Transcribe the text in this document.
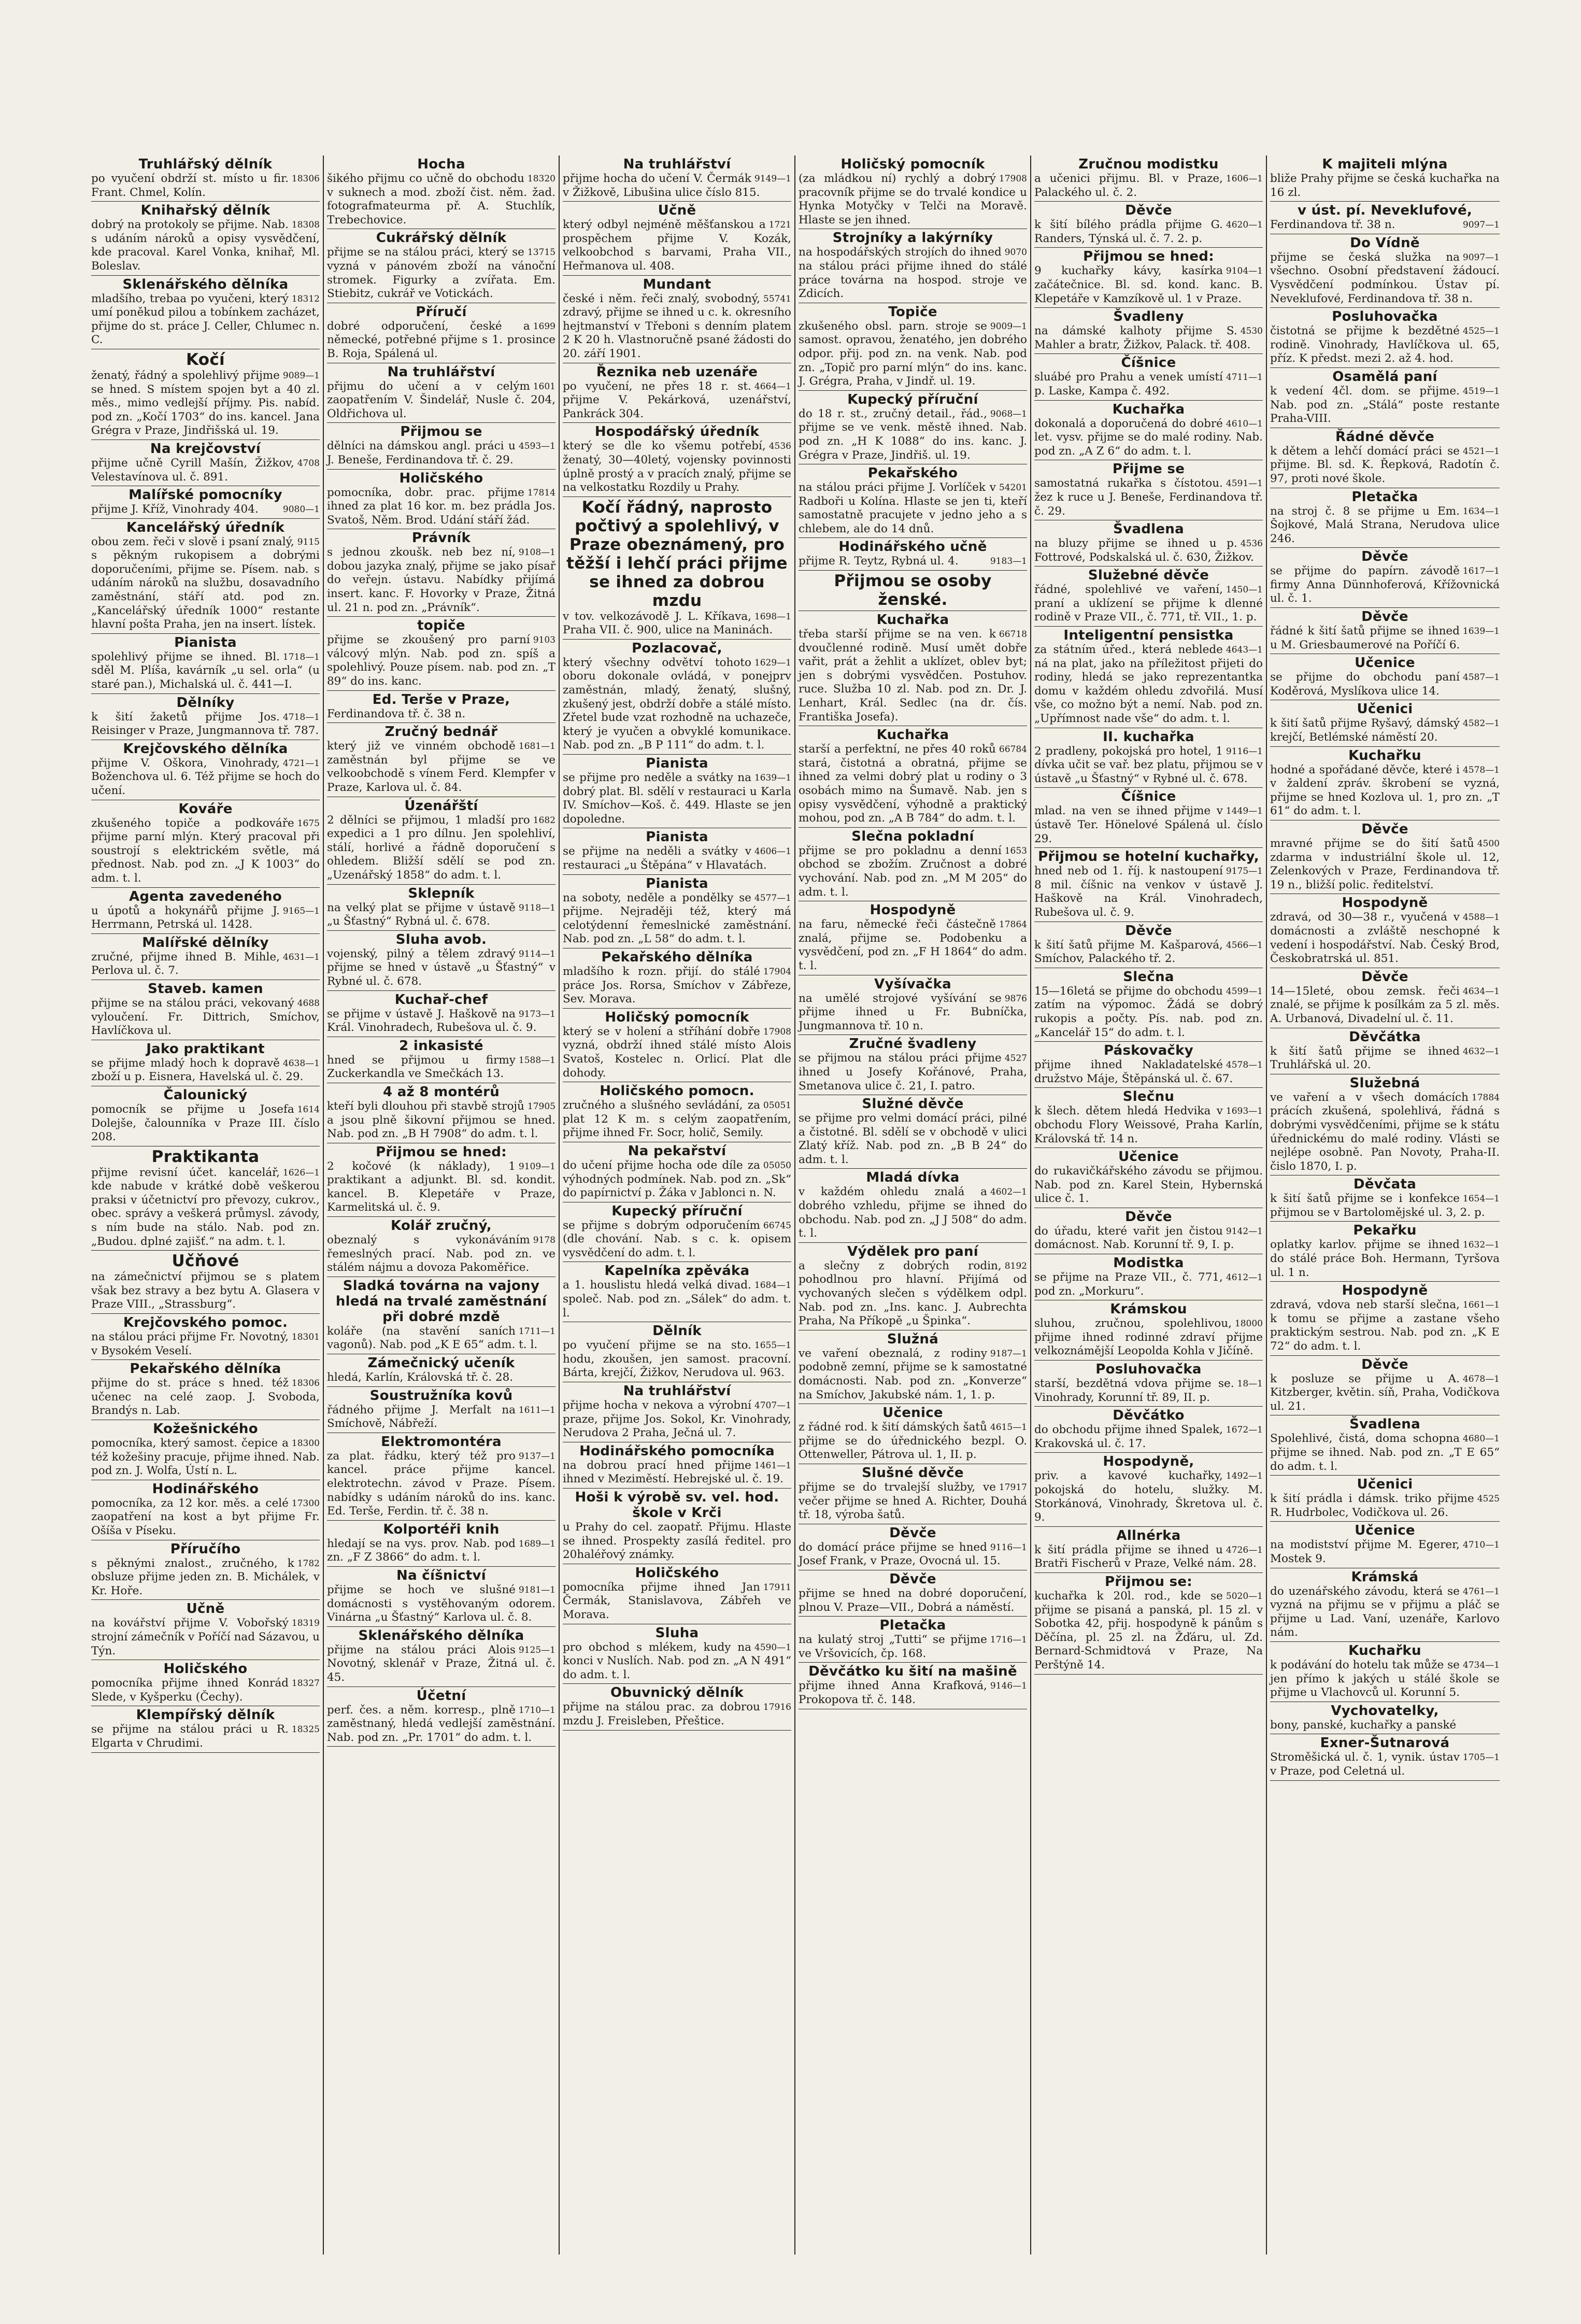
Truhlářský dělník
18306
po vyučení obdrží st. místo u fir. Frant. Chmel, Kolín.
Knihařský dělník
18308
dobrý na protokoly se přijme. Nab. s udáním nároků a opisy vysvědčení, kde pracoval. Karel Vonka, knihař, Ml. Boleslav.
Sklenářského dělníka
18312
mladšího, trebaa po vyučeni, který umí poněkud pilou a tobínkem zacházet, přijme do st. práce J. Celler, Chlumec n. C.
Kočí
9089—1
ženatý, řádný a spolehlivý přijme se hned. S místem spojen byt a 40 zl. měs., mimo vedlejší příjmy. Pis. nabíd. pod zn. „Kočí 1703“ do ins. kancel. Jana Grégra v Praze, Jindřišská ul. 19.
Na krejčovství
4708
přijme učně Cyrill Mašín, Žižkov, Velestavínova ul. č. 891.
Malířské pomocníky
9080—1
přijme J. Kříž, Vinohrady 404.
Kancelářský úředník
9115
obou zem. řeči v slově i psaní znalý, s pěkným rukopisem a dobrými doporučeními, přijme se. Písem. nab. s udáním nároků na službu, dosavadního zaměstnání, stáří atd. pod zn. „Kancelářský úředník 1000“ restante hlavní pošta Praha, jen na insert. lístek.
Pianista
1718—1
spolehlivý přijme se ihned. Bl. sděl M. Plíša, kavárník „u sel. orla“ (u staré pan.), Michalská ul. č. 441—I.
Dělníky
4718—1
k šití žaketů přijme Jos. Reisinger v Praze, Jungmannova tř. 787.
Krejčovského dělníka
4721—1
přijme V. Oškora, Vinohrady, Boženchova ul. 6. Též přijme se hoch do učení.
Kováře
1675
zkušeného topiče a podkováře přijme parní mlýn. Který pracoval při soustrojí s elektrickém světle, má přednost. Nab. pod zn. „J K 1003“ do adm. t. l.
Agenta zavedeného
9165—1
u úpotů a hokynářů přijme J. Herrmann, Petrská ul. 1428.
Malířské dělníky
4631—1
zručné, přijme ihned B. Mihle, Perlova ul. č. 7.
Staveb. kamen
4688
přijme se na stálou práci, vekovaný vyloučení. Fr. Dittrich, Smíchov, Havlíčkova ul.
Jako praktikant
4638—1
se přijme mladý hoch k dopravě zboží u p. Eisnera, Havelská ul. č. 29.
Čalounický
1614
pomocník se přijme u Josefa Dolejše, čalounníka v Praze III. číslo 208.
Praktikanta
1626—1
přijme revisní účet. kancelář, kde nabude v krátké době veškerou praksi v účetnictví pro převozy, cukrov., obec. správy a veškerá průmysl. závody, s ním bude na stálo. Nab. pod zn. „Budou. dplné zajišť.“ na adm. t. l.
Učňové
na zámečnictví přijmou se s platem však bez stravy a bez bytu A. Glasera v Praze VIII., „Strassburg“.
Krejčovského pomoc.
18301
na stálou práci přijme Fr. Novotný, v Bysokém Veselí.
Pekařského dělníka
18306
přijme do st. práce s hned. též učenec na celé zaop. J. Svoboda, Brandýs n. Lab.
Kožešnického
18300
pomocníka, který samost. čepice a též kožešiny pracuje, přijme ihned. Nab. pod zn. J. Wolfa, Ústí n. L.
Hodinářského
17300
pomocníka, za 12 kor. měs. a celé zaopatření na kost a byt přijme Fr. Ošíša v Píseku.
Příručího
1782
s pěknými znalost., zručného, k obsluze přijme jeden zn. B. Michálek, v Kr. Hoře.
Učně
18319
na kovářství přijme V. Vobořský strojní zámečník v Poříčí nad Sázavou, u Týn.
Holičského
18327
pomocníka přijme ihned Konrád Slede, v Kyšperku (Čechy).
Klempířský dělník
18325
se přijme na stálou práci u R. Elgarta v Chrudimi.
Hocha
18320
šikého přijmu co učně do obchodu v suknech a mod. zboží čist. něm. žad. fotografmateurma př. A. Stuchlík, Trebechovice.
Cukrářský dělník
13715
přijme se na stálou práci, který se vyzná v pánovém zboží na vánoční stromek. Figurky a zvířata. Em. Stiebitz, cukrář ve Votickách.
Příručí
1699
dobré odporučení, české a německé, potřebné přijme s 1. prosince B. Roja, Spálená ul.
Na truhlářství
1601
přijmu do učení a v celým zaopatřením V. Šindelář, Nusle č. 204, Oldřichova ul.
Přijmou se
4593—1
dělníci na dámskou angl. práci u J. Beneše, Ferdinandova tř. č. 29.
Holičského
17814
pomocníka, dobr. prac. přijme ihned za plat 16 kor. m. bez prádla Jos. Svatoš, Něm. Brod. Udání stáří žád.
Právník
9108—1
s jednou zkoušk. neb bez ní, dobou jazyka znalý, přijme se jako písař do veřejn. ústavu. Nabídky přijímá insert. kanc. F. Hovorky v Praze, Žitná ul. 21 n. pod zn. „Právník“.
topiče
9103
přijme se zkoušený pro parní válcový mlýn. Nab. pod zn. spíš a spolehlivý. Pouze písem. nab. pod zn. „T 89“ do ins. kanc.
Ed. Terše v Praze,
Ferdinandova tř. č. 38 n.
Zručný bednář
1681—1
který již ve vinném obchodě zaměstnán byl přijme se ve velkoobchodě s vínem Ferd. Klempfer v Praze, Karlova ul. č. 84.
Úzenářští
1682
2 dělníci se přijmou, 1 mladší pro expedici a 1 pro dílnu. Jen spolehliví, stálí, horlivé a řádně doporučení s ohledem. Bližší sdělí se pod zn. „Uzenářský 1858“ do adm. t. l.
Sklepník
9118—1
na velký plat se přijme v ústavě „u Šťastný“ Rybná ul. č. 678.
Sluha avob.
9114—1
vojenský, pilný a tělem zdravý přijme se hned v ústavě „u Šťastný“ v Rybné ul. č. 678.
Kuchař-chef
9173—1
se přijme v ústavě J. Haškově na Král. Vinohradech, Rubešova ul. č. 9.
2 inkasisté
1588—1
hned se přijmou u firmy Zuckerkandla ve Smečkách 13.
4 až 8 montérů
17905
kteří byli dlouhou při stavbě strojů a jsou plně šikovní přijmou se hned. Nab. pod zn. „B H 7908“ do adm. t. l.
Přijmou se hned:
9109—1
2 kočové (k náklady), 1 praktikant a adjunkt. Bl. sd. kondit. kancel. B. Klepetáře v Praze, Karmelitská ul. č. 9.
Kolář zručný,
9178
obeznalý s vykonáváním řemeslných prací. Nab. pod zn. ve stálém nájmu a dovoza Pakoměřice.
Sladká továrna na vajony hledá na trvalé zaměstnání při dobré mzdě
1711—1
koláře (na stavění saních vagonů). Nab. pod „K E 65“ adm. t. l.
Zámečnický učeník
hledá, Karlín, Královská tř. č. 28.
Soustružníka kovů
1611—1
řádného přijme J. Merfalt na Smíchově, Nábřeží.
Elektromontéra
9137—1
za plat. řádku, který též pro kancel. práce přijme kancel. elektrotechn. závod v Praze. Písem. nabídky s udáním nároků do ins. kanc. Ed. Terše, Ferdin. tř. č. 38 n.
Kolportéři knih
1689—1
hledají se na vys. prov. Nab. pod zn. „F Z 3866“ do adm. t. l.
Na číšnictví
9181—1
přijme se hoch ve slušné domácnosti s vystěhovaným odorem. Vinárna „u Šťastný“ Karlova ul. č. 8.
Sklenářského dělníka
9125—1
přijme na stálou práci Alois Novotný, sklenář v Praze, Žitná ul. č. 45.
Účetní
1710—1
perf. čes. a něm. korresp., plně zaměstnaný, hledá vedlejší zaměstnání. Nab. pod zn. „Pr. 1701“ do adm. t. l.
Na truhlářství
9149—1
přijme hocha do učení V. Čermák v Žižkově, Libušina ulice číslo 815.
Učně
1721
který odbyl nejméně měšťanskou a prospěchem přijme V. Kozák, velkoobchod s barvami, Praha VII., Heřmanova ul. 408.
Mundant
55741
české i něm. řeči znalý, svobodný, zdravý, přijme se ihned u c. k. okresního hejtmanství v Třeboni s denním platem 2 K 20 h. Vlastnoručně psané žádosti do 20. září 1901.
Řeznika neb uzenáře
4664—1
po vyučení, ne přes 18 r. st. přijme V. Pekárková, uzenářství, Pankráck 304.
Hospodářský úředník
4536
který se dle ko všemu potřebí, ženatý, 30—40letý, vojensky povinnosti úplně prostý a v pracích znalý, přijme se na velkostatku Rozdily u Prahy.
Kočí řádný, naprosto počtivý a spolehlivý, v Praze obeznámený, pro těžší i lehčí práci přijme se ihned za dobrou mzdu
1698—1
v tov. velkozávodě J. L. Kříkava, Praha VII. č. 900, ulice na Maninách.
Pozlacovač,
1629—1
který všechny odvětví tohoto oboru dokonale ovládá, v ponejprv zaměstnán, mladý, ženatý, slušný, zkušený jest, obdrží dobře a stálé místo. Zřetel bude vzat rozhodně na uchazeče, který je vyučen a obvyklé komunikace. Nab. pod zn. „B P 111“ do adm. t. l.
Pianista
1639—1
se přijme pro neděle a svátky na dobrý plat. Bl. sdělí v restauraci u Karla IV. Smíchov—Koš. č. 449. Hlaste se jen dopoledne.
Pianista
4606—1
se přijme na neděli a svátky v restauraci „u Štěpána“ v Hlavatách.
Pianista
4577—1
na soboty, neděle a pondělky se přijme. Nejraději též, který má celotýdenní řemeslnické zaměstnání. Nab. pod zn. „L 58“ do adm. t. l.
Pekařského dělníka
17904
mladšího k rozn. přijí. do stálé práce Jos. Rorsa, Smíchov v Zábřeze, Sev. Morava.
Holičský pomocník
17908
který se v holení a stříhání dobře vyzná, obdrží ihned stálé místo Alois Svatoš, Kostelec n. Orlicí. Plat dle dohody.
Holičského pomocn.
05051
zručného a slušného sevládání, za plat 12 K m. s celým zaopatřením, přijme ihned Fr. Socr, holič, Semily.
Na pekařství
05050
do učení přijme hocha ode díle za výhodných podmínek. Nab. pod zn. „Sk“ do papírnictví p. Žáka v Jablonci n. N.
Kupecký příruční
66745
se přijme s dobrým odporučením (dle chování. Nab. s c. k. opisem vysvědčení do adm. t. l.
Kapelníka zpěváka
1684—1
a 1. houslistu hledá velká divad. společ. Nab. pod zn. „Sálek“ do adm. t. l.
Dělník
1655—1
po vyučení přijme se na sto. hodu, zkoušen, jen samost. pracovní. Bárta, krejčí, Žižkov, Nerudova ul. 963.
Na truhlářství
4707—1
přijme hocha v nekova a výrobní praze, přijme Jos. Sokol, Kr. Vinohrady, Nerudova 2 Praha, Ječná ul. 7.
Hodinářského pomocníka
1461—1
na dobrou prací hned přijme ihned v Meziměstí. Hebrejské ul. č. 19.
Hoši k výrobě sv. vel. hod. škole v Krči
u Prahy do cel. zaopatř. Přijmu. Hlaste se ihned. Prospekty zasílá ředitel. pro 20haléřový známky.
Holičského
17911
pomocníka přijme ihned Jan Čermák, Stanislavova, Zábřeh ve Morava.
Sluha
4590—1
pro obchod s mlékem, kudy na konci v Nuslích. Nab. pod zn. „A N 491“ do adm. t. l.
Obuvnický dělník
17916
přijme na stálou prac. za dobrou mzdu J. Freisleben, Přeštice.
Holičský pomocník
17908
(za mládkou ní) rychlý a dobrý pracovník přijme se do trvalé kondice u Hynka Motyčky v Telči na Moravě. Hlaste se jen ihned.
Strojníky a lakýrníky
9070
na hospodářských strojích do ihned na stálou práci přijme ihned do stálé práce továrna na hospod. stroje ve Zdicích.
Topiče
9009—1
zkušeného obsl. parn. stroje se samost. opravou, ženatého, jen dobrého odpor. přij. pod zn. na venk. Nab. pod zn. „Topič pro parní mlýn“ do ins. kanc. J. Grégra, Praha, v Jindř. ul. 19.
Kupecký příruční
9068—1
do 18 r. st., zručný detail., řád., přijme se ve venk. městě ihned. Nab. pod zn. „H K 1088“ do ins. kanc. J. Grégra v Praze, Jindřiš. ul. 19.
Pekařského
54201
na stálou práci přijme J. Vorlíček v Radboři u Kolína. Hlaste se jen ti, kteří samostatně pracujete v jedno jeho a s chlebem, ale do 14 dnů.
Hodinářského učně
9183—1
přijme R. Teytz, Rybná ul. 4.
Přijmou se osoby ženské.
Kuchařka
66718
třeba starší přijme se na ven. k dvoučlenné rodině. Musí umět dobře vařit, prát a žehlit a uklízet, oblev byt; jen s dobrými vysvědčen. Postuhov. ruce. Služba 10 zl. Nab. pod zn. Dr. J. Lenhart, Král. Sedlec (na dr. čís. Františka Josefa).
Kuchařka
66784
starší a perfektní, ne přes 40 roků stará, čistotná a obratná, přijme se ihned za velmi dobrý plat u rodiny o 3 osobách mimo na Šumavě. Nab. jen s opisy vysvědčení, výhodně a praktický mohou, pod zn. „A B 784“ do adm. t. l.
Slečna pokladní
1653
přijme se pro pokladnu a denní obchod se zbožím. Zručnost a dobré vychování. Nab. pod zn. „M M 205“ do adm. t. l.
Hospodyně
17864
na faru, německé řeči částečně znalá, přijme se. Podobenku a vysvědčení, pod zn. „F H 1864“ do adm. t. l.
Vyšívačka
9876
na umělé strojové vyšívání se přijme ihned u Fr. Bubníčka, Jungmannova tř. 10 n.
Zručné švadleny
4527
se přijmou na stálou práci přijme ihned u Josefy Kořánové, Praha, Smetanova ulice č. 21, I. patro.
Služné děvče
se přijme pro velmi domácí práci, pilné a čistotné. Bl. sdělí se v obchodě v ulici Zlatý kříž. Nab. pod zn. „B B 24“ do adm. t. l.
Mladá dívka
4602—1
v každém ohledu znalá a dobrého vzhledu, přijme se ihned do obchodu. Nab. pod zn. „J J 508“ do adm. t. l.
Výdělek pro paní
8192
a slečny z dobrých rodin, pohodlnou pro hlavní. Přijímá od vychovaných slečen s výdělkem odpl. Nab. pod zn. „Ins. kanc. J. Aubrechta Praha, Na Příkopě „u Špinka“.
Služná
9187—1
ve vaření obeznalá, z rodiny podobně zemní, přijme se k samostatné domácnosti. Nab. pod zn. „Konverze“ na Smíchov, Jakubské nám. 1, 1. p.
Učenice
4615—1
z řádné rod. k šití dámských šatů přijme se do úřednického bezpl. O. Ottenweller, Pátrova ul. 1, II. p.
Slušné děvče
17917
přijme se do trvalejší služby, ve večer přijme se hned A. Richter, Douhá tř. 18, výroba šatů.
Děvče
9116—1
do domácí práce přijme se hned Josef Frank, v Praze, Ovocná ul. 15.
Děvče
přijme se hned na dobré doporučení, plnou V. Praze—VII., Dobrá a náměstí.
Pletačka
1716—1
na kulatý stroj „Tutti“ se přijme ve Vršovicích, čp. 168.
Děvčátko ku šití na mašině
9146—1
přijme ihned Anna Krafková, Prokopova tř. č. 148.
Zručnou modistku
1606—1
a učenici přijmu. Bl. v Praze, Palackého ul. č. 2.
Děvče
4620—1
k šití bílého prádla přijme G. Randers, Týnská ul. č. 7. 2. p.
Přijmou se hned:
9104—1
9 kuchařky kávy, kasírka začátečnice. Bl. sd. kond. kanc. B. Klepetáře v Kamzíkově ul. 1 v Praze.
Švadleny
4530
na dámské kalhoty přijme S. Mahler a bratr, Žižkov, Palack. tř. 408.
Číšnice
4711—1
sluábé pro Prahu a venek umístí p. Laske, Kampa č. 492.
Kuchařka
4610—1
dokonalá a doporučená do dobré let. vysv. přijme se do malé rodiny. Nab. pod zn. „A Z 6“ do adm. t. l.
Přijme se
4591—1
samostatná rukařka s čístotou. žez k ruce u J. Beneše, Ferdinandova tř. č. 29.
Švadlena
4536
na bluzy přijme se ihned u p. Fottrové, Podskalská ul. č. 630, Žižkov.
Služebné děvče
1450—1
řádné, spolehlivé ve vaření, praní a uklízení se přijme k dlenné rodině v Praze VII., č. 771, tř. VII., 1. p.
Inteligentní pensistka
4643—1
za státním úřed., která neblede ná na plat, jako na příležitost přijeti do rodiny, hledá se jako reprezentantka domu v každém ohledu zdvořilá. Musí vše, co možno být a nemí. Nab. pod zn. „Upřímnost nade vše“ do adm. t. l.
II. kuchařka
9116—1
2 pradleny, pokojská pro hotel, 1 dívka učit se vař. bez platu, přijmou se v ústavě „u Šťastný“ v Rybné ul. č. 678.
Číšnice
1449—1
mlad. na ven se ihned přijme v ústavě Ter. Hönelové Spálená ul. číslo 29.
Přijmou se hotelní kuchařky,
9175—1
hned neb od 1. říj. k nastoupení 8 mil. číšnic na venkov v ústavě J. Haškově na Král. Vinohradech, Rubešova ul. č. 9.
Děvče
4566—1
k šití šatů přijme M. Kašparová, Smíchov, Palackého tř. 2.
Slečna
4599—1
15—16letá se přijme do obchodu zatím na výpomoc. Žádá se dobrý rukopis a počty. Pís. nab. pod zn. „Kancelář 15“ do adm. t. l.
Páskovačky
4578—1
přijme ihned Nakladatelské družstvo Máje, Štěpánská ul. č. 67.
Slečnu
1693—1
k šlech. dětem hledá Hedvika v obchodu Flory Weissové, Praha Karlín, Královská tř. 14 n.
Učenice
do rukavičkářského závodu se přijmou. Nab. pod zn. Karel Stein, Hybernská ulice č. 1.
Děvče
9142—1
do úřadu, které vařit jen čistou domácnost. Nab. Korunní tř. 9, I. p.
Modistka
4612—1
se přijme na Praze VII., č. 771, pod zn. „Morkuru“.
Krámskou
18000
sluhou, zručnou, spolehlivou, přijme ihned rodinné zdraví přijme velkoznámější Leopolda Kohla v Jičíně.
Posluhovačka
18—1
starší, bezdětná vdova přijme se. Vinohrady, Korunní tř. 89, II. p.
Děvčátko
1672—1
do obchodu přijme ihned Spalek, Krakovská ul. č. 17.
Hospodyně,
1492—1
priv. a kavové kuchařky, pokojská do hotelu, služky. M. Storkánová, Vinohrady, Škretova ul. č. 9.
Allnérka
4726—1
k šití prádla přijme se ihned u Bratři Fischerů v Praze, Velké nám. 28.
Přijmou se:
5020—1
kuchařka k 20l. rod., kde se přijme se pisaná a panská, pl. 15 zl. v Sobotka 42, přij. hospodyně k pánům s Děčína, pl. 25 zl. na Žďáru, ul. Zd. Bernard-Schmidtová v Praze, Na Perštýně 14.
K majiteli mlýna
bliže Prahy přijme se česká kuchařka na 16 zl.
v úst. pí. Neveklufové,
9097—1
Ferdinandova tř. 38 n.
Do Vídně
9097—1
přijme se česká služka na všechno. Osobní představení žádoucí. Vysvědčení podmínkou. Ústav pí. Neveklufové, Ferdinandova tř. 38 n.
Posluhovačka
4525—1
čistotná se přijme k bezdětné rodině. Vinohrady, Havlíčkova ul. 65, příz. K předst. mezi 2. až 4. hod.
Osamělá paní
4519—1
k vedení 4čl. dom. se přijme. Nab. pod zn. „Stálá“ poste restante Praha-VIII.
Řádné děvče
4521—1
k dětem a lehčí domácí práci se přijme. Bl. sd. K. Řepková, Radotín č. 97, proti nové škole.
Pletačka
1634—1
na stroj č. 8 se přijme u Em. Šojkové, Malá Strana, Nerudova ulice 246.
Děvče
1617—1
se přijme do papírn. závodě firmy Anna Dünnhoferová, Křížovnická ul. č. 1.
Děvče
1639—1
řádné k šití šatů přijme se ihned u M. Griesbaumerové na Poříčí 6.
Učenice
4587—1
se přijme do obchodu paní Koděrová, Myslíkova ulice 14.
Učenici
4582—1
k šití šatů přijme Ryšavý, dámský krejčí, Betlémské náměstí 20.
Kuchařku
4578—1
hodné a spořádané děvče, které i v žaldení zpráv. škrobení se vyzná, přijme se hned Kozlova ul. 1, pro zn. „T 61“ do adm. t. l.
Děvče
4500
mravné přijme se do šití šatů zdarma v industriální škole ul. 12, Zelenkových v Praze, Ferdinandova tř. 19 n., bližší polic. ředitelství.
Hospodyně
4588—1
zdravá, od 30—38 r., vyučená v domácnosti a zvláště neschopné k vedení i hospodářství. Nab. Český Brod, Českobratrská ul. 851.
Děvče
4634—1
14—15leté, obou zemsk. řeči znalé, se přijme k posílkám za 5 zl. měs. A. Urbanová, Divadelní ul. č. 11.
Děvčátka
4632—1
k šití šatů přijme se ihned Truhlářská ul. 20.
Služebná
17884
ve vaření a v všech domácích prácích zkušená, spolehlivá, řádná s dobrými vysvědčeními, přijme se k státu úřednickému do malé rodiny. Vlásti se nejlépe osobně. Pan Novoty, Praha-II. čislo 1870, I. p.
Děvčata
1654—1
k šití šatů přijme se i konfekce přijmou se v Bartolomějské ul. 3, 2. p.
Pekařku
1632—1
oplatky karlov. přijme se ihned do stálé práce Boh. Hermann, Tyršova ul. 1 n.
Hospodyně
1661—1
zdravá, vdova neb starší slečna, k tomu se přijme a zastane všeho praktickým sestrou. Nab. pod zn. „K E 72“ do adm. t. l.
Děvče
4678—1
k posluze se přijme u A. Kitzberger, květin. síň, Praha, Vodičkova ul. 21.
Švadlena
4680—1
Spolehlivé, čistá, doma schopna přijme se ihned. Nab. pod zn. „T E 65“ do adm. t. l.
Učenici
4525
k šití prádla i dámsk. triko přijme R. Hudrbolec, Vodičkova ul. 26.
Učenice
4710—1
na modistství přijme M. Egerer, Mostek 9.
Krámská
4761—1
do uzenářského závodu, která se vyzná na přijmu se v přijmu a pláč se přijme u Lad. Vaní, uzenáře, Karlovo nám.
Kuchařku
4734—1
k podávání do hotelu tak může se jen přímo k jakých u stálé škole se přijme u Vlachovců ul. Korunní 5.
Vychovatelky,
bony, panské, kuchařky a panské
Exner-Šutnarová
1705—1
Stroměšická ul. č. 1, vynik. ústav v Praze, pod Celetná ul.
